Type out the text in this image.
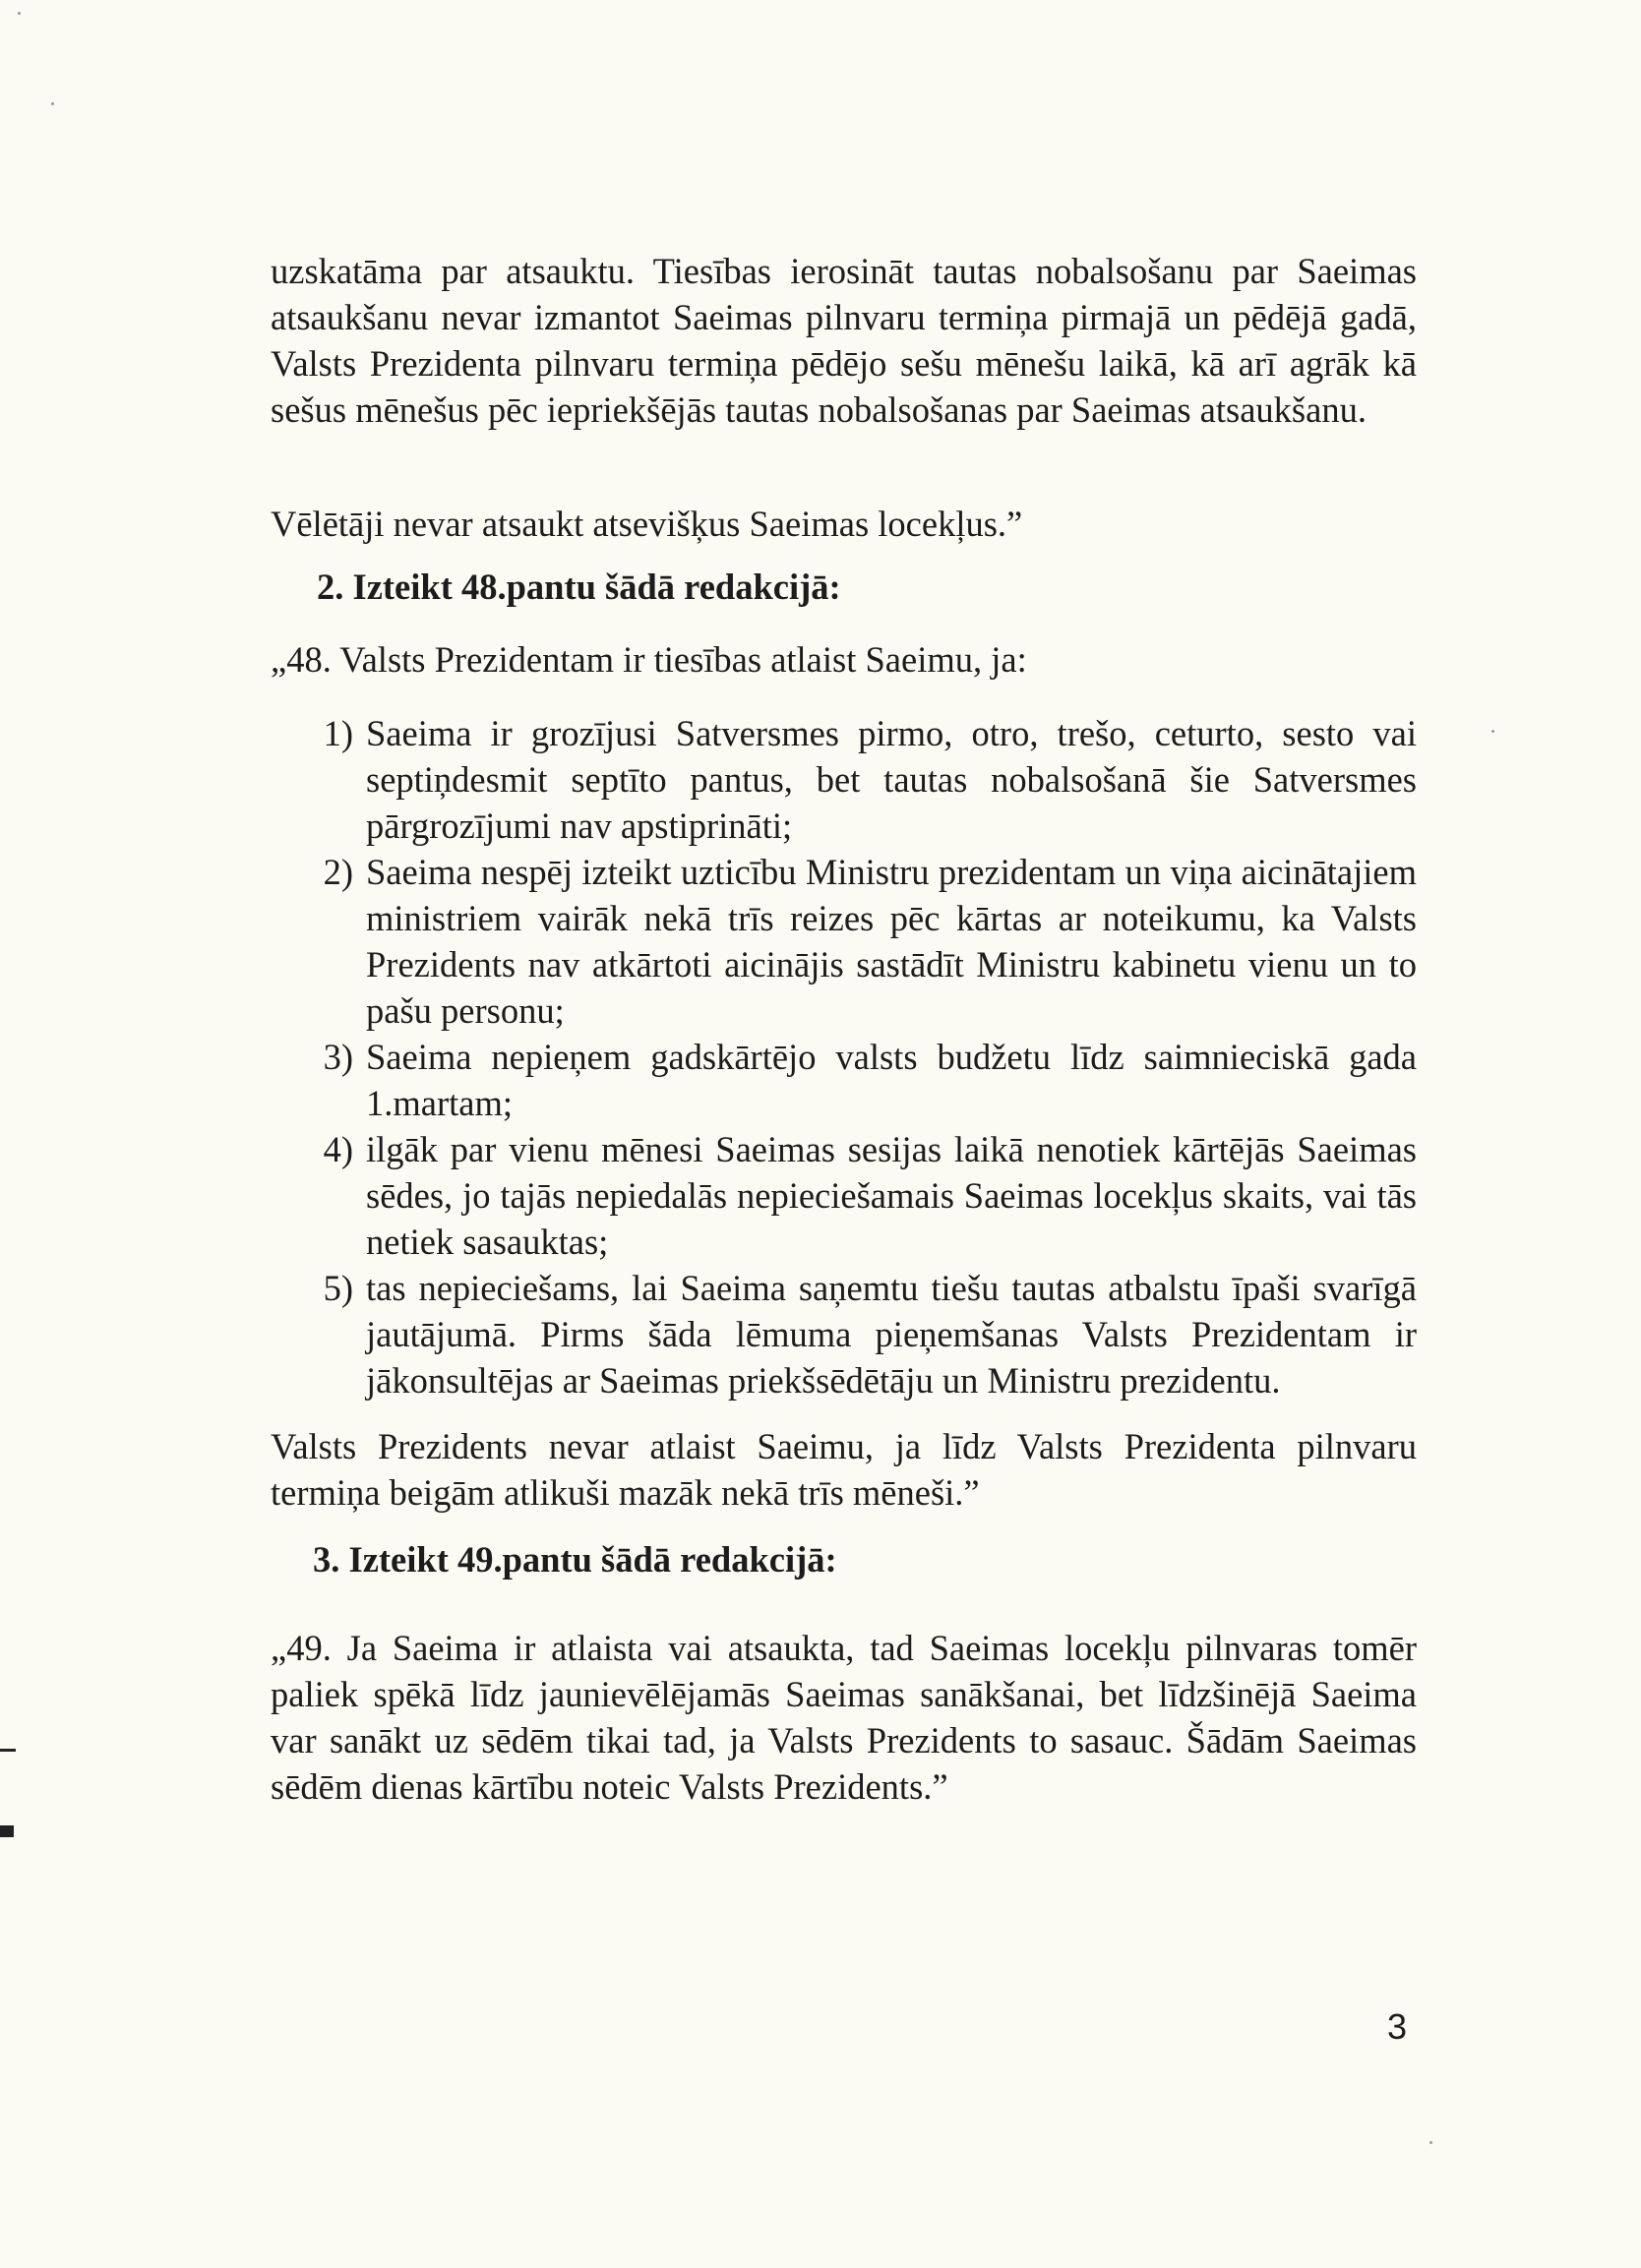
uzskatāma par atsauktu. Tiesības ierosināt tautas nobalsošanu par Saeimas atsaukšanu nevar izmantot Saeimas pilnvaru termiņa pirmajā un pēdējā gadā, Valsts Prezidenta pilnvaru termiņa pēdējo sešu mēnešu laikā, kā arī agrāk kā sešus mēnešus pēc iepriekšējās tautas nobalsošanas par Saeimas atsaukšanu.

Vēlētāji nevar atsaukt atsevišķus Saeimas locekļus.”

2. Izteikt 48.pantu šādā redakcijā:

„48. Valsts Prezidentam ir tiesības atlaist Saeimu, ja:

1) Saeima ir grozījusi Satversmes pirmo, otro, trešo, ceturto, sesto vai septiņdesmit septīto pantus, bet tautas nobalsošanā šie Satversmes pārgrozījumi nav apstiprināti;
2) Saeima nespēj izteikt uzticību Ministru prezidentam un viņa aicinātajiem ministriem vairāk nekā trīs reizes pēc kārtas ar noteikumu, ka Valsts Prezidents nav atkārtoti aicinājis sastādīt Ministru kabinetu vienu un to pašu personu;
3) Saeima nepieņem gadskārtējo valsts budžetu līdz saimnieciskā gada 1.martam;
4) ilgāk par vienu mēnesi Saeimas sesijas laikā nenotiek kārtējās Saeimas sēdes, jo tajās nepiedalās nepieciešamais Saeimas locekļus skaits, vai tās netiek sasauktas;
5) tas nepieciešams, lai Saeima saņemtu tiešu tautas atbalstu īpaši svarīgā jautājumā. Pirms šāda lēmuma pieņemšanas Valsts Prezidentam ir jākonsultējas ar Saeimas priekšsēdētāju un Ministru prezidentu.

Valsts Prezidents nevar atlaist Saeimu, ja līdz Valsts Prezidenta pilnvaru termiņa beigām atlikuši mazāk nekā trīs mēneši.”

3. Izteikt 49.pantu šādā redakcijā:

„49. Ja Saeima ir atlaista vai atsaukta, tad Saeimas locekļu pilnvaras tomēr paliek spēkā līdz jaunievēlējamās Saeimas sanākšanai, bet līdzšinējā Saeima var sanākt uz sēdēm tikai tad, ja Valsts Prezidents to sasauc. Šādām Saeimas sēdēm dienas kārtību noteic Valsts Prezidents.”

3
